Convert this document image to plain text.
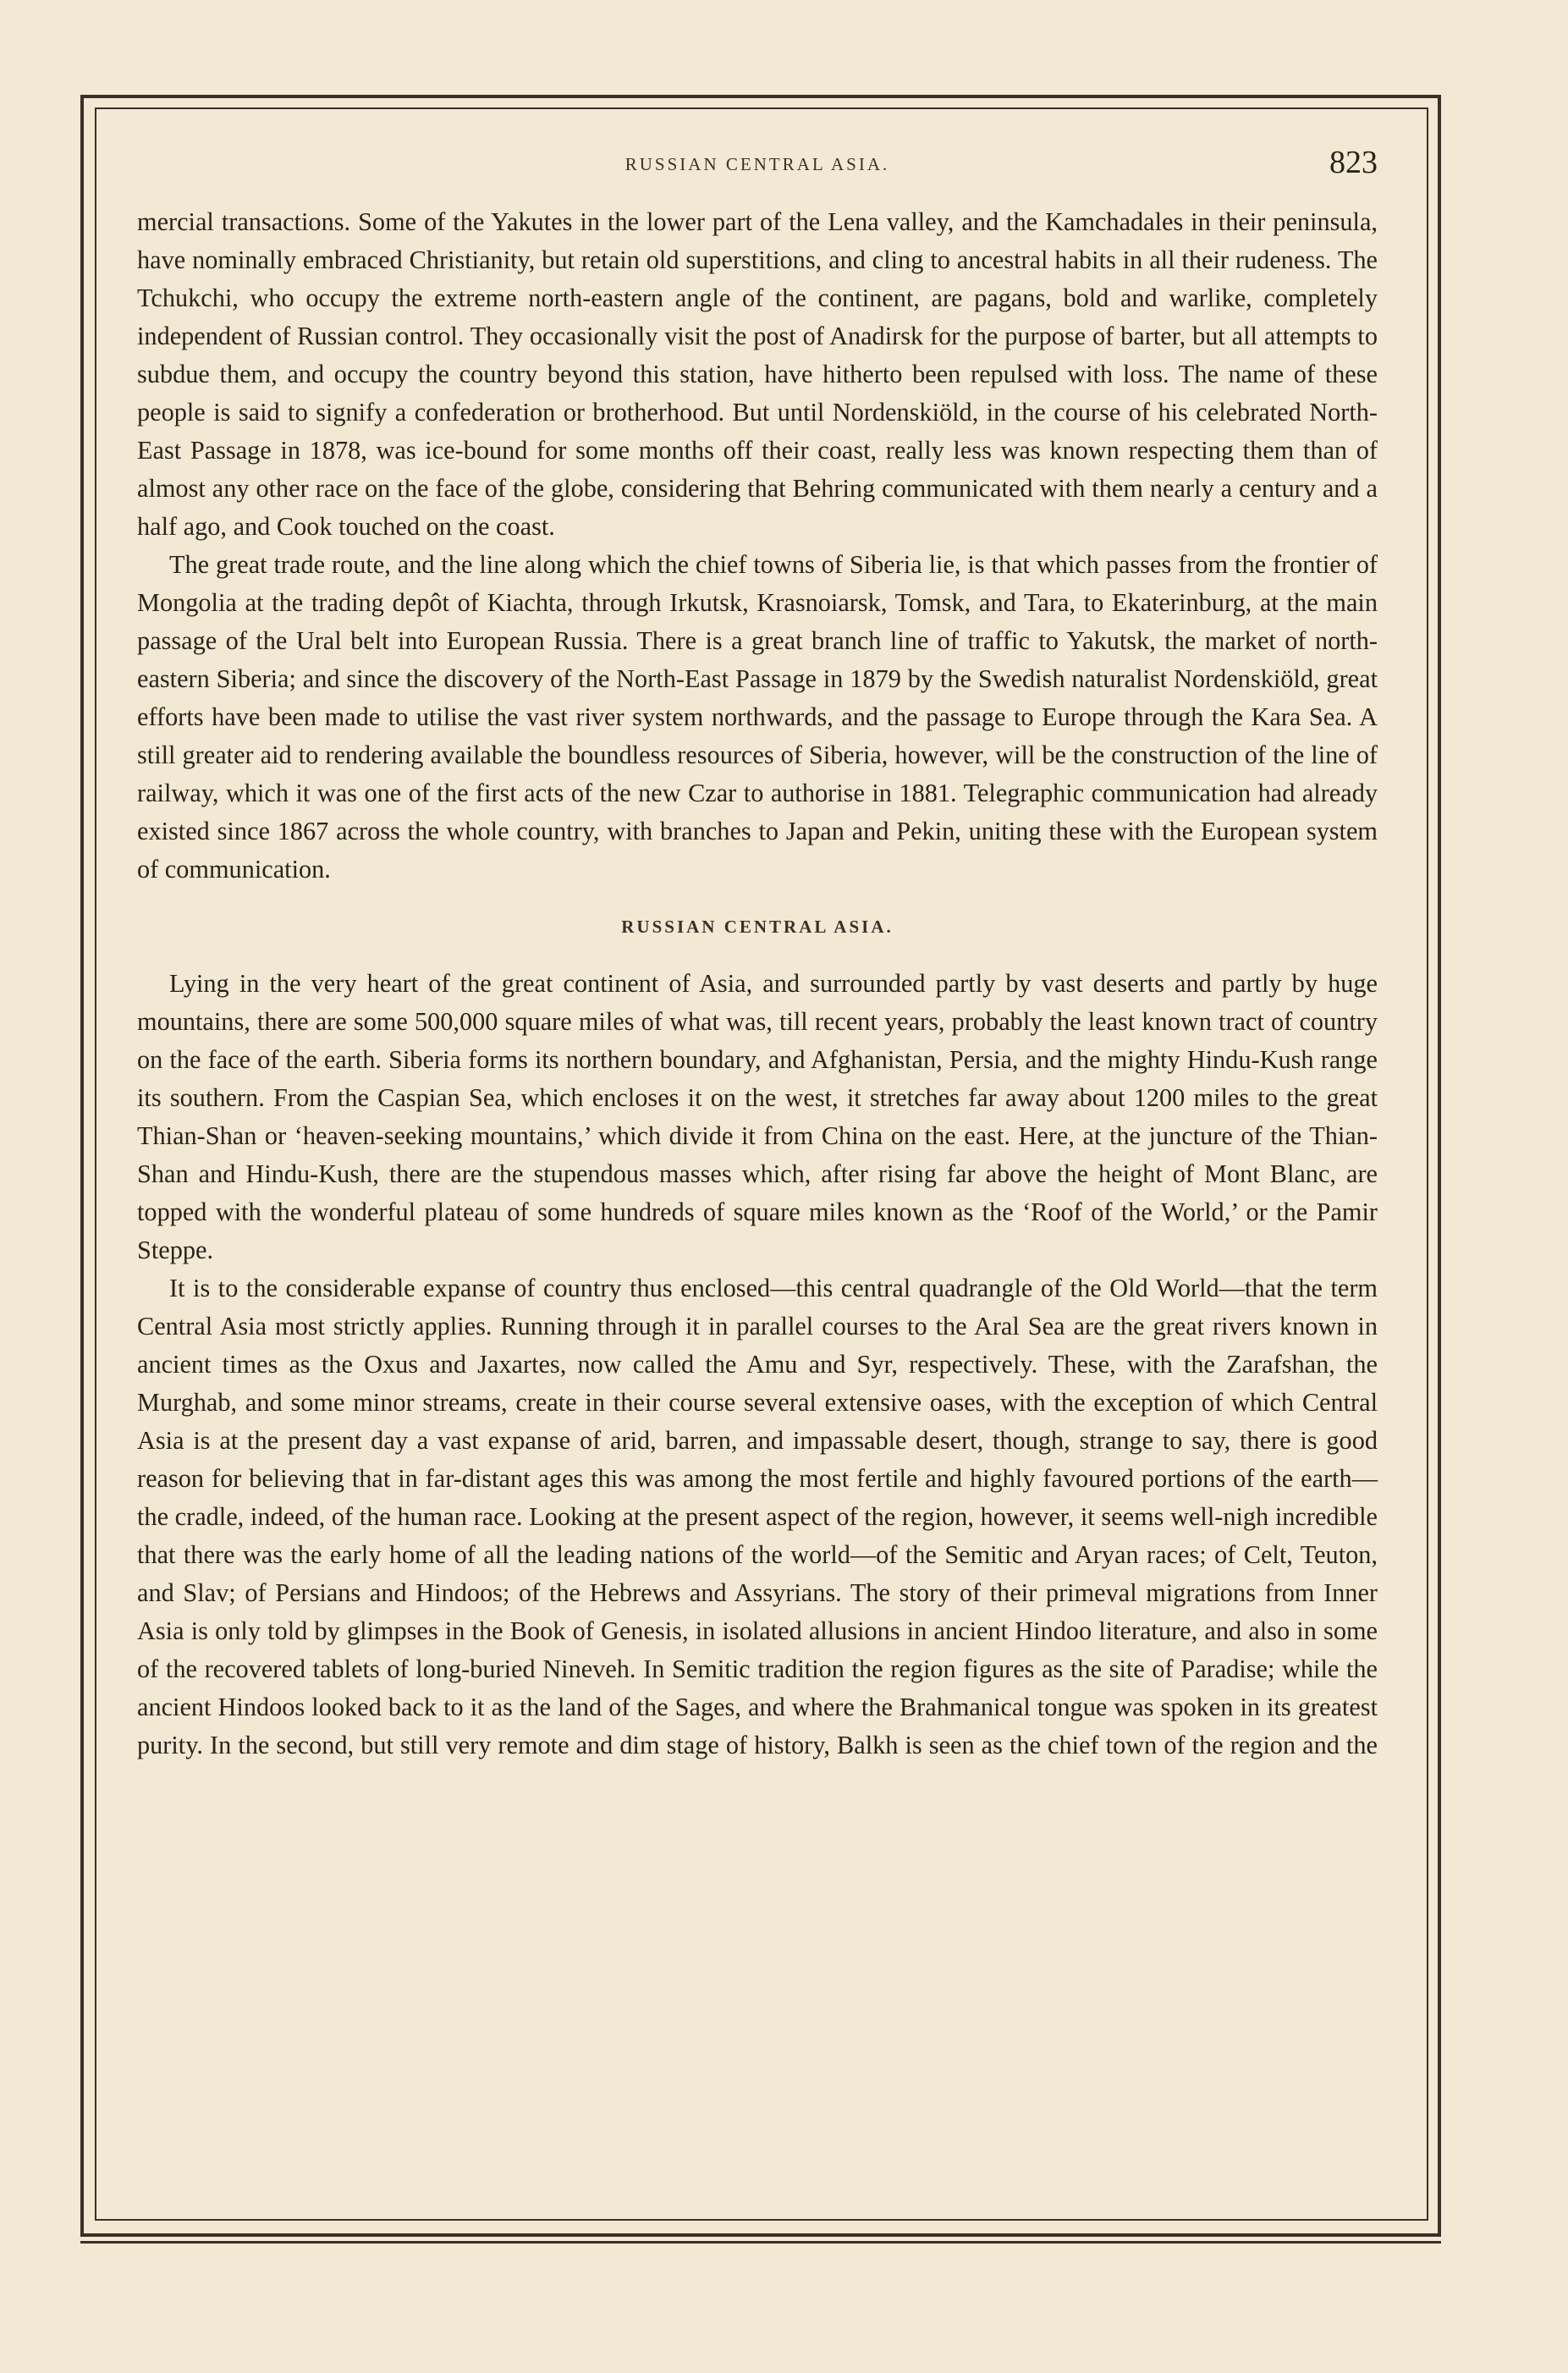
RUSSIAN CENTRAL ASIA.	823

mercial transactions. Some of the Yakutes in the lower part of the Lena valley, and the Kamchadales in their peninsula, have nominally embraced Christianity, but retain old superstitions, and cling to ancestral habits in all their rudeness. The Tchukchi, who occupy the extreme north-eastern angle of the continent, are pagans, bold and warlike, completely independent of Russian control. They occasionally visit the post of Anadirsk for the purpose of barter, but all attempts to subdue them, and occupy the country beyond this station, have hitherto been repulsed with loss. The name of these people is said to signify a confederation or brotherhood. But until Nordenskiöld, in the course of his celebrated North-East Passage in 1878, was ice-bound for some months off their coast, really less was known respecting them than of almost any other race on the face of the globe, considering that Behring communicated with them nearly a century and a half ago, and Cook touched on the coast.

The great trade route, and the line along which the chief towns of Siberia lie, is that which passes from the frontier of Mongolia at the trading depôt of Kiachta, through Irkutsk, Krasnoiarsk, Tomsk, and Tara, to Ekaterinburg, at the main passage of the Ural belt into European Russia. There is a great branch line of traffic to Yakutsk, the market of north-eastern Siberia; and since the discovery of the North-East Passage in 1879 by the Swedish naturalist Nordenskiöld, great efforts have been made to utilise the vast river system northwards, and the passage to Europe through the Kara Sea. A still greater aid to rendering available the boundless resources of Siberia, however, will be the construction of the line of railway, which it was one of the first acts of the new Czar to authorise in 1881. Telegraphic communication had already existed since 1867 across the whole country, with branches to Japan and Pekin, uniting these with the European system of communication.

RUSSIAN CENTRAL ASIA.

Lying in the very heart of the great continent of Asia, and surrounded partly by vast deserts and partly by huge mountains, there are some 500,000 square miles of what was, till recent years, probably the least known tract of country on the face of the earth. Siberia forms its northern boundary, and Afghanistan, Persia, and the mighty Hindu-Kush range its southern. From the Caspian Sea, which encloses it on the west, it stretches far away about 1200 miles to the great Thian-Shan or ‘heaven-seeking mountains,’ which divide it from China on the east. Here, at the juncture of the Thian-Shan and Hindu-Kush, there are the stupendous masses which, after rising far above the height of Mont Blanc, are topped with the wonderful plateau of some hundreds of square miles known as the ‘Roof of the World,’ or the Pamir Steppe.

It is to the considerable expanse of country thus enclosed—this central quadrangle of the Old World—that the term Central Asia most strictly applies. Running through it in parallel courses to the Aral Sea are the great rivers known in ancient times as the Oxus and Jaxartes, now called the Amu and Syr, respectively. These, with the Zarafshan, the Murghab, and some minor streams, create in their course several extensive oases, with the exception of which Central Asia is at the present day a vast expanse of arid, barren, and impassable desert, though, strange to say, there is good reason for believing that in far-distant ages this was among the most fertile and highly favoured portions of the earth—the cradle, indeed, of the human race. Looking at the present aspect of the region, however, it seems well-nigh incredible that there was the early home of all the leading nations of the world—of the Semitic and Aryan races; of Celt, Teuton, and Slav; of Persians and Hindoos; of the Hebrews and Assyrians. The story of their primeval migrations from Inner Asia is only told by glimpses in the Book of Genesis, in isolated allusions in ancient Hindoo literature, and also in some of the recovered tablets of long-buried Nineveh. In Semitic tradition the region figures as the site of Paradise; while the ancient Hindoos looked back to it as the land of the Sages, and where the Brahmanical tongue was spoken in its greatest purity. In the second, but still very remote and dim stage of history, Balkh is seen as the chief town of the region and the
